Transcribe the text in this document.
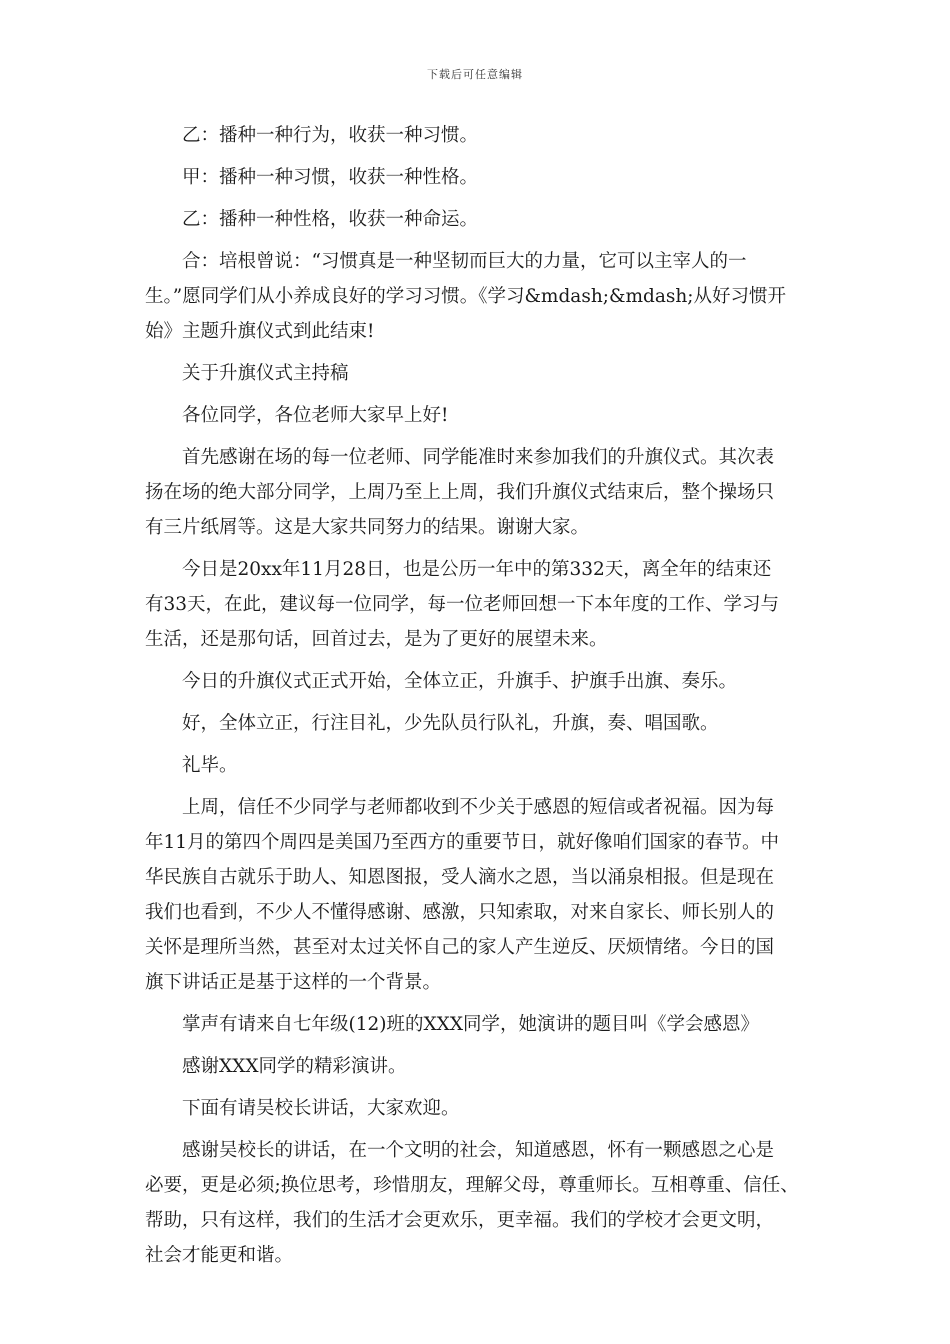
下载后可任意编辑
乙：播种一种行为，收获一种习惯。
甲：播种一种习惯，收获一种性格。
乙：播种一种性格，收获一种命运。
合：培根曾说：“习惯真是一种坚韧而巨大的力量，它可以主宰人的一
生。”愿同学们从小养成良好的学习习惯。《学习&mdash;&mdash;从好习惯开
始》主题升旗仪式到此结束!
关于升旗仪式主持稿
各位同学，各位老师大家早上好!
首先感谢在场的每一位老师、同学能准时来参加我们的升旗仪式。其次表
扬在场的绝大部分同学，上周乃至上上周，我们升旗仪式结束后，整个操场只
有三片纸屑等。这是大家共同努力的结果。谢谢大家。
今日是20xx年11月28日，也是公历一年中的第332天，离全年的结束还
有33天，在此，建议每一位同学，每一位老师回想一下本年度的工作、学习与
生活，还是那句话，回首过去，是为了更好的展望未来。
今日的升旗仪式正式开始，全体立正，升旗手、护旗手出旗、奏乐。
好，全体立正，行注目礼，少先队员行队礼，升旗，奏、唱国歌。
礼毕。
上周，信任不少同学与老师都收到不少关于感恩的短信或者祝福。因为每
年11月的第四个周四是美国乃至西方的重要节日，就好像咱们国家的春节。中
华民族自古就乐于助人、知恩图报，受人滴水之恩，当以涌泉相报。但是现在
我们也看到，不少人不懂得感谢、感激，只知索取，对来自家长、师长别人的
关怀是理所当然，甚至对太过关怀自己的家人产生逆反、厌烦情绪。今日的国
旗下讲话正是基于这样的一个背景。
掌声有请来自七年级(12)班的XXX同学，她演讲的题目叫《学会感恩》
感谢XXX同学的精彩演讲。
下面有请吴校长讲话，大家欢迎。
感谢吴校长的讲话，在一个文明的社会，知道感恩，怀有一颗感恩之心是
必要，更是必须;换位思考，珍惜朋友，理解父母，尊重师长。互相尊重、信任、
帮助，只有这样，我们的生活才会更欢乐，更幸福。我们的学校才会更文明，
社会才能更和谐。
